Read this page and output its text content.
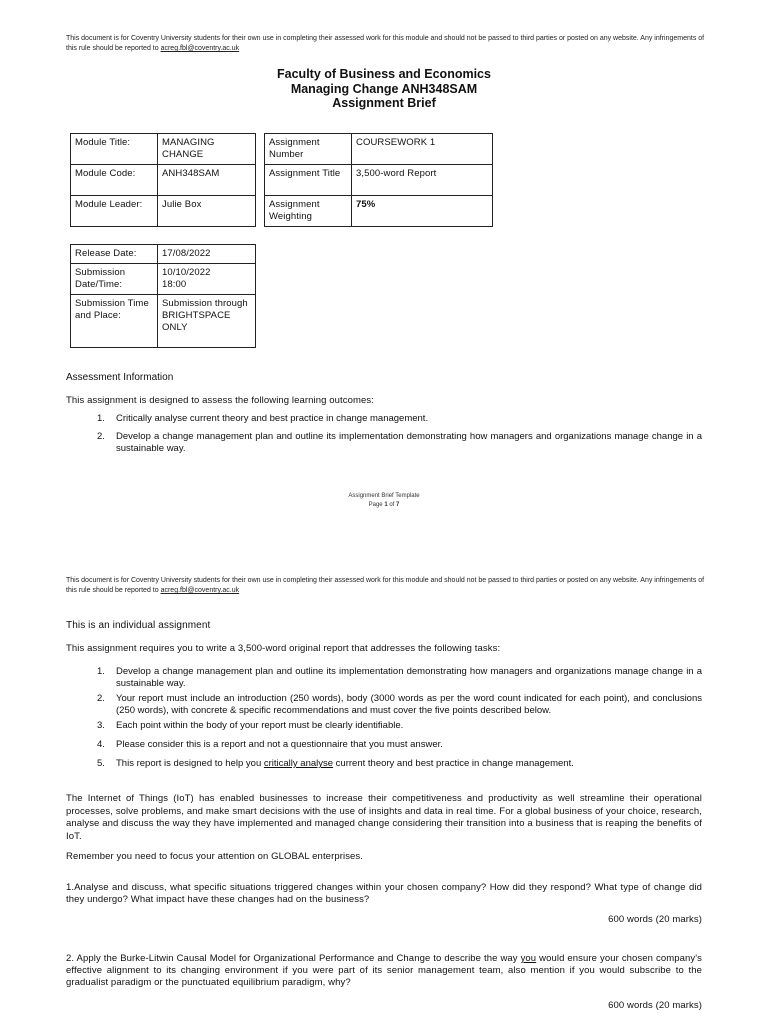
This document is for Coventry University students for their own use in completing their assessed work for this module and should not be passed to third parties or posted on any website. Any infringements of this rule should be reported to acreg.fbl@coventry.ac.uk
Faculty of Business and Economics
Managing Change ANH348SAM
Assignment Brief
Module Title:	MANAGING CHANGE
Module Code:	ANH348SAM
Module Leader:	Julie Box
Assignment Number	COURSEWORK 1
Assignment Title	3,500-word Report
Assignment Weighting	75%
Release Date:	17/08/2022
Submission Date/Time:	10/10/2022
18:00

Submission Time and Place:	Submission through BRIGHTSPACE ONLY
Assessment Information
This assignment is designed to assess the following learning outcomes:
1. Critically analyse current theory and best practice in change management.
2. Develop a change management plan and outline its implementation demonstrating how managers and organizations manage change in a sustainable way.
Assignment Brief Template
Page 1 of 7
This document is for Coventry University students for their own use in completing their assessed work for this module and should not be passed to third parties or posted on any website. Any infringements of this rule should be reported to acreg.fbl@coventry.ac.uk
This is an individual assignment
This assignment requires you to write a 3,500-word original report that addresses the following tasks:
1. Develop a change management plan and outline its implementation demonstrating how managers and organizations manage change in a sustainable way.
2. Your report must include an introduction (250 words), body (3000 words as per the word count indicated for each point), and conclusions (250 words), with concrete & specific recommendations and must cover the five points described below.
3. Each point within the body of your report must be clearly identifiable.
4. Please consider this is a report and not a questionnaire that you must answer.
5. This report is designed to help you critically analyse current theory and best practice in change management.
The Internet of Things (IoT) has enabled businesses to increase their competitiveness and productivity as well streamline their operational processes, solve problems, and make smart decisions with the use of insights and data in real time. For a global business of your choice, research, analyse and discuss the way they have implemented and managed change considering their transition into a business that is reaping the benefits of IoT.
Remember you need to focus your attention on GLOBAL enterprises.
1.Analyse and discuss, what specific situations triggered changes within your chosen company? How did they respond? What type of change did they undergo? What impact have these changes had on the business?
600 words (20 marks)
2. Apply the Burke-Litwin Causal Model for Organizational Performance and Change to describe the way you would ensure your chosen company's effective alignment to its changing environment if you were part of its senior management team, also mention if you would subscribe to the gradualist paradigm or the punctuated equilibrium paradigm, why?
600 words (20 marks)
